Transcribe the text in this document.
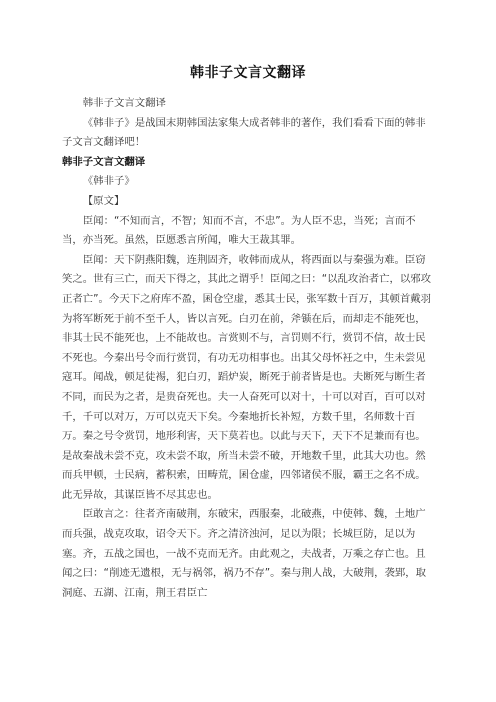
韩非子文言文翻译

韩非子文言文翻译

《韩非子》是战国末期韩国法家集大成者韩非的著作，我们看看下面的韩非子文言文翻译吧！

韩非子文言文翻译

《韩非子》

【原文】

臣闻：“不知而言，不智；知而不言，不忠”。为人臣不忠，当死；言而不当，亦当死。虽然，臣愿悉言所闻，唯大王裁其罪。

臣闻：天下阴燕阳魏，连荆固齐，收韩而成从，将西面以与秦强为难。臣窃笑之。世有三亡，而天下得之，其此之谓乎！臣闻之曰：“以乱攻治者亡，以邪攻正者亡”。今天下之府库不盈，囷仓空虚，悉其士民，张军数十百万，其顿首戴羽为将军断死于前不至千人，皆以言死。白刃在前，斧锧在后，而却走不能死也，非其士民不能死也，上不能故也。言赏则不与，言罚则不行，赏罚不信，故士民不死也。今秦出号令而行赏罚，有功无功相事也。出其父母怀衽之中，生未尝见寇耳。闻战，顿足徒裼，犯白刃，蹈炉炭，断死于前者皆是也。夫断死与断生者不同，而民为之者，是贵奋死也。夫一人奋死可以对十，十可以对百，百可以对千，千可以对万，万可以克天下矣。今秦地折长补短，方数千里，名师数十百万。秦之号令赏罚，地形利害，天下莫若也。以此与天下，天下不足兼而有也。是故秦战未尝不克，攻未尝不取，所当未尝不破，开地数千里，此其大功也。然而兵甲顿，士民病，蓄积索，田畴荒，囷仓虚，四邻诸侯不服，霸王之名不成。此无异故，其谋臣皆不尽其忠也。

臣敢言之：往者齐南破荆，东破宋，西服秦，北破燕，中使韩、魏，土地广而兵强，战克攻取，诏令天下。齐之清济浊河，足以为限；长城巨防，足以为塞。齐，五战之国也，一战不克而无齐。由此观之，夫战者，万乘之存亡也。且闻之曰：“削迹无遗根，无与祸邻，祸乃不存”。秦与荆人战，大破荆，袭郢，取洞庭、五湖、江南，荆王君臣亡
